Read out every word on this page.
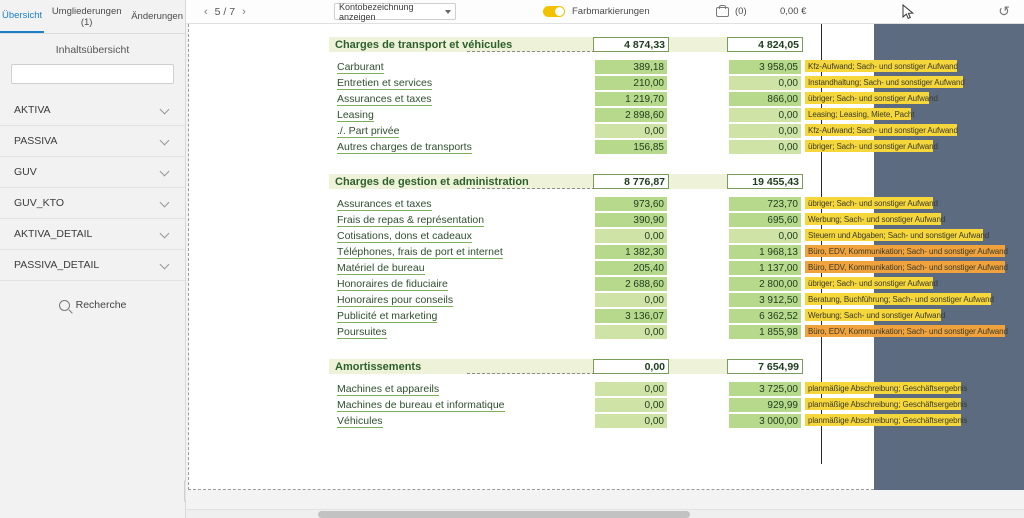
Übersicht	Umgliederungen (1)	Änderungen
Inhaltsübersicht
AKTIVA
PASSIVA
GUV
GUV_KTO
AKTIVA_DETAIL
PASSIVA_DETAIL
Recherche
‹ 5 / 7 ›	Kontobezeichnung anzeigen	Farbmarkierungen	(0)	0,00 €	↺
Charges de transport et véhicules	4 874,33	4 824,05
Carburant	389,18	3 958,05	Kfz-Aufwand; Sach- und sonstiger Aufwand
Entretien et services	210,00	0,00	Instandhaltung; Sach- und sonstiger Aufwand
Assurances et taxes	1 219,70	866,00	übriger; Sach- und sonstiger Aufwand
Leasing	2 898,60	0,00	Leasing; Leasing, Miete, Pacht
./. Part privée	0,00	0,00	Kfz-Aufwand; Sach- und sonstiger Aufwand
Autres charges de transports	156,85	0,00	übriger; Sach- und sonstiger Aufwand
Charges de gestion et administration	8 776,87	19 455,43
Assurances et taxes	973,60	723,70	übriger; Sach- und sonstiger Aufwand
Frais de repas & représentation	390,90	695,60	Werbung; Sach- und sonstiger Aufwand
Cotisations, dons et cadeaux	0,00	0,00	Steuern und Abgaben; Sach- und sonstiger Aufwand
Téléphones, frais de port et internet	1 382,30	1 968,13	Büro, EDV, Kommunikation; Sach- und sonstiger Aufwand
Matériel de bureau	205,40	1 137,00	Büro, EDV, Kommunikation; Sach- und sonstiger Aufwand
Honoraires de fiduciaire	2 688,60	2 800,00	übriger; Sach- und sonstiger Aufwand
Honoraires pour conseils	0,00	3 912,50	Beratung, Buchführung; Sach- und sonstiger Aufwand
Publicité et marketing	3 136,07	6 362,52	Werbung; Sach- und sonstiger Aufwand
Poursuites	0,00	1 855,98	Büro, EDV, Kommunikation; Sach- und sonstiger Aufwand
Amortissements	0,00	7 654,99
Machines et appareils	0,00	3 725,00	planmäßige Abschreibung; Geschäftsergebnis
Machines de bureau et informatique	0,00	929,99	planmäßige Abschreibung; Geschäftsergebnis
Véhicules	0,00	3 000,00	planmäßige Abschreibung; Geschäftsergebnis
